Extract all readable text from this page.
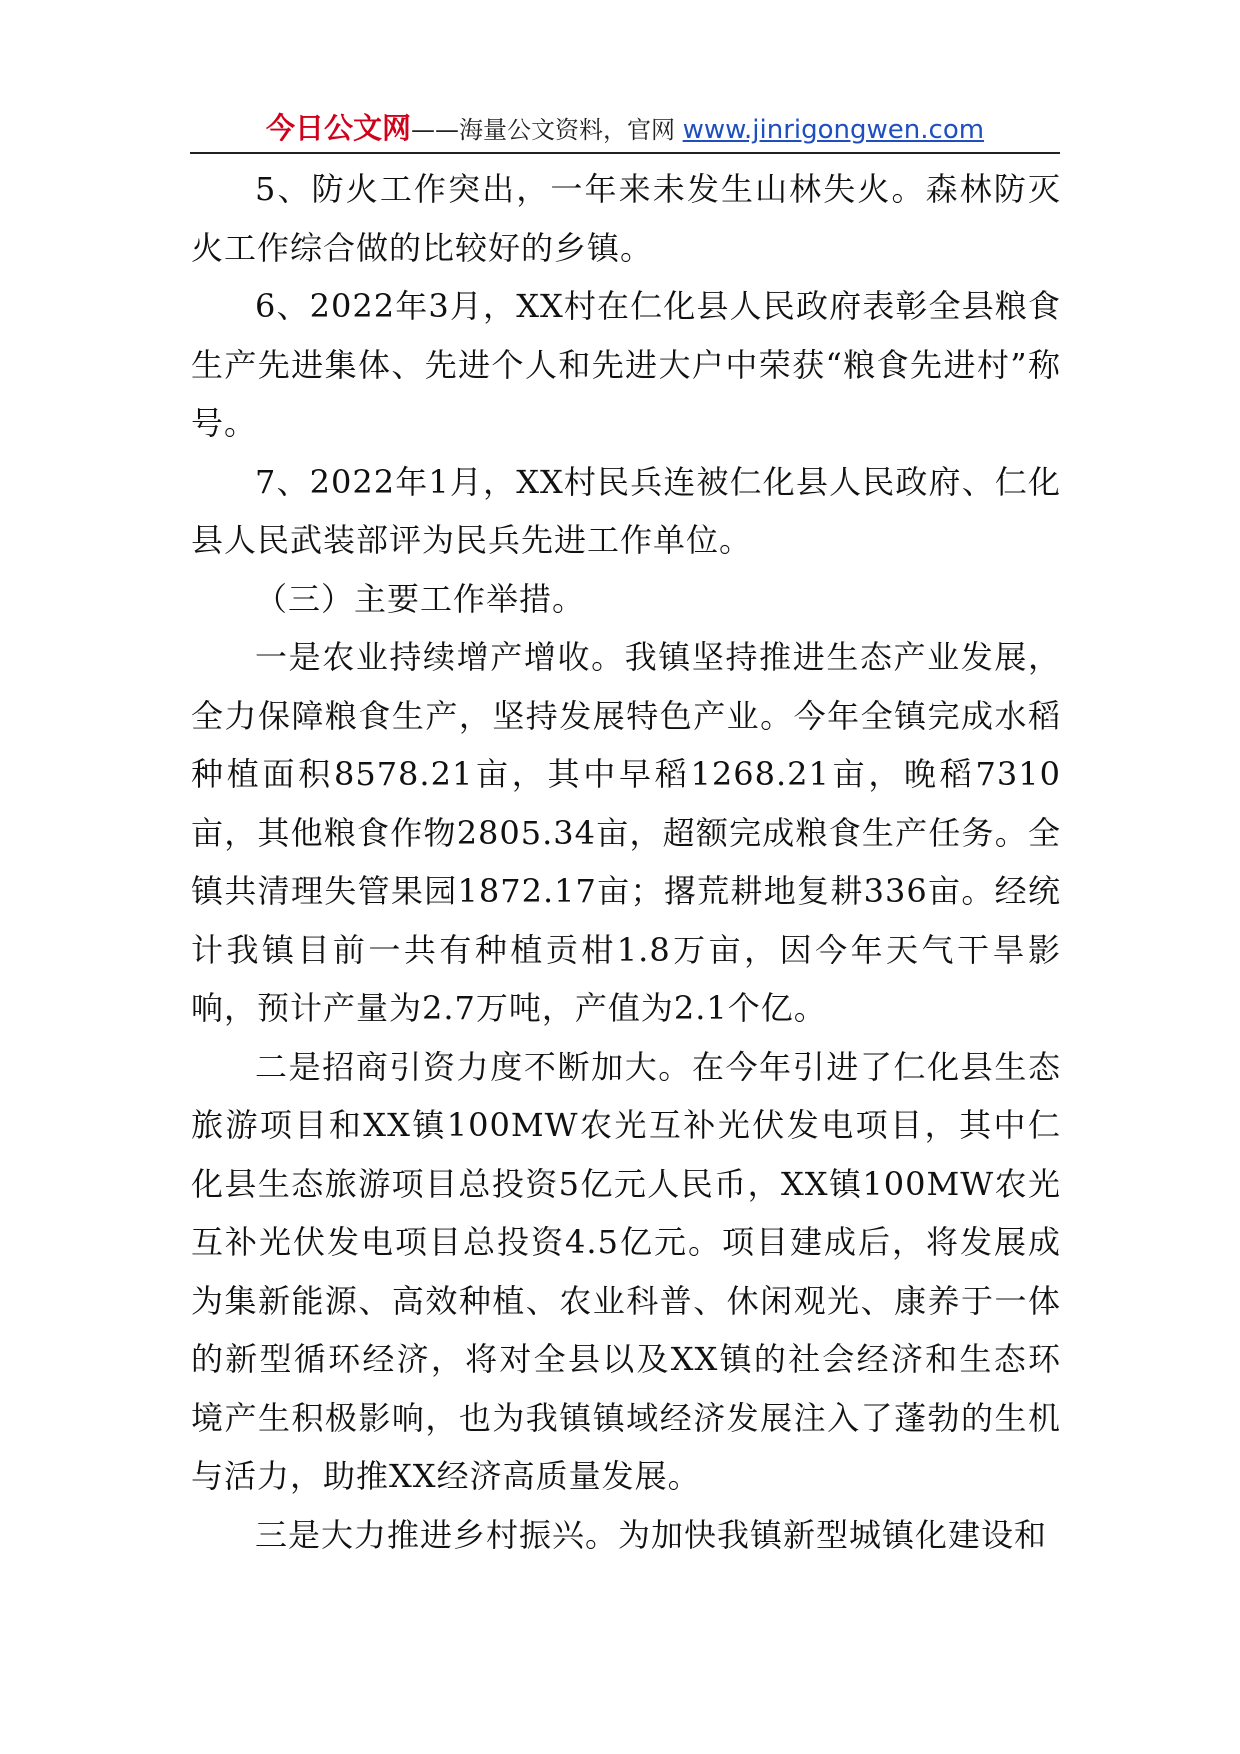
今日公文网——海量公文资料，官网 www.jinrigongwen.com

5、防火工作突出，一年来未发生山林失火。森林防灭火工作综合做的比较好的乡镇。

6、2022年3月，XX村在仁化县人民政府表彰全县粮食生产先进集体、先进个人和先进大户中荣获“粮食先进村”称号。

7、2022年1月，XX村民兵连被仁化县人民政府、仁化县人民武装部评为民兵先进工作单位。

（三）主要工作举措。

一是农业持续增产增收。我镇坚持推进生态产业发展，全力保障粮食生产，坚持发展特色产业。今年全镇完成水稻种植面积8578.21亩，其中早稻1268.21亩，晚稻7310亩，其他粮食作物2805.34亩，超额完成粮食生产任务。全镇共清理失管果园1872.17亩；撂荒耕地复耕336亩。经统计我镇目前一共有种植贡柑1.8万亩，因今年天气干旱影响，预计产量为2.7万吨，产值为2.1个亿。

二是招商引资力度不断加大。在今年引进了仁化县生态旅游项目和XX镇100MW农光互补光伏发电项目，其中仁化县生态旅游项目总投资5亿元人民币，XX镇100MW农光互补光伏发电项目总投资4.5亿元。项目建成后，将发展成为集新能源、高效种植、农业科普、休闲观光、康养于一体的新型循环经济，将对全县以及XX镇的社会经济和生态环境产生积极影响，也为我镇镇域经济发展注入了蓬勃的生机与活力，助推XX经济高质量发展。

三是大力推进乡村振兴。为加快我镇新型城镇化建设和
